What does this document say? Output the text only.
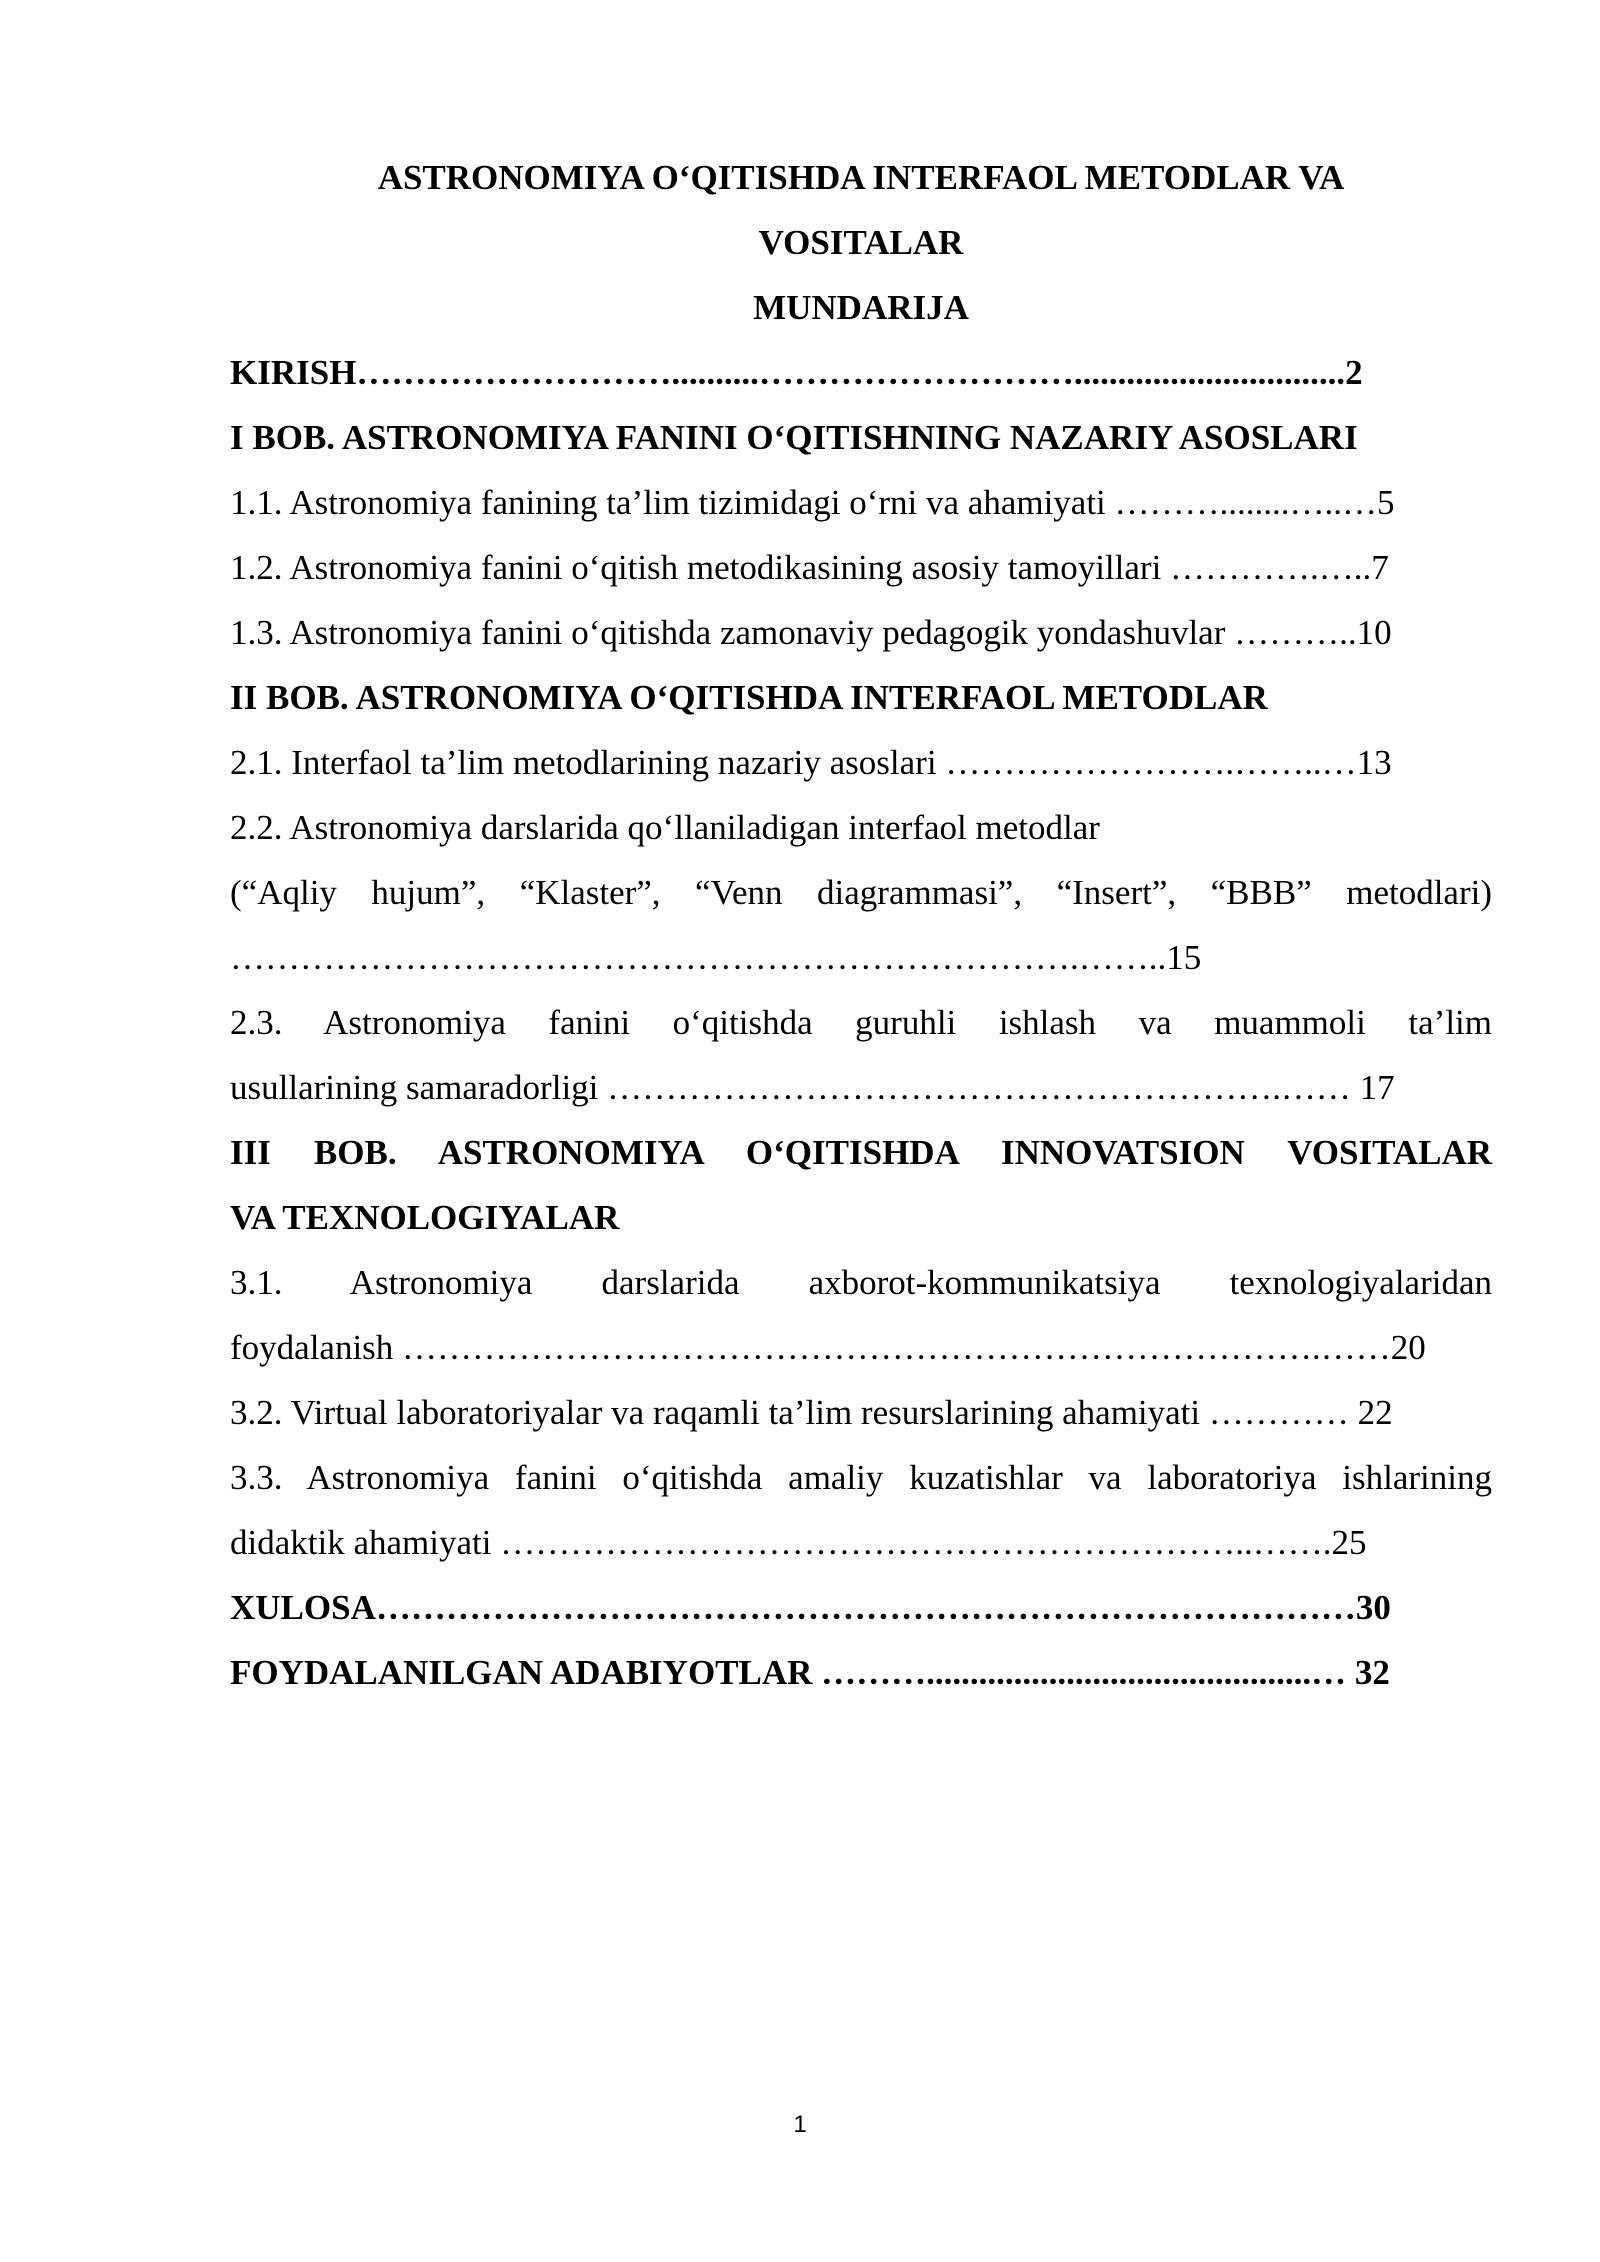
ASTRONOMIYA O‘QITISHDA INTERFAOL METODLAR VA
VOSITALAR
MUNDARIJA
KIRISH………………………..........………………………...............................2
I BOB. ASTRONOMIYA FANINI O‘QITISHNING NAZARIY ASOSLARI
1.1. Astronomiya fanining ta’lim tizimidagi o‘rni va ahamiyati ………........…..…5
1.2. Astronomiya fanini o‘qitish metodikasining asosiy tamoyillari ………….…..7
1.3. Astronomiya fanini o‘qitishda zamonaviy pedagogik yondashuvlar ………..10
II BOB. ASTRONOMIYA O‘QITISHDA INTERFAOL METODLAR
2.1. Interfaol ta’lim metodlarining nazariy asoslari …………………….……..…13
2.2. Astronomiya darslarida qo‘llaniladigan interfaol metodlar
(“Aqliy hujum”, “Klaster”, “Venn diagrammasi”, “Insert”, “BBB” metodlari)
……………………………………………………………….……..15
2.3. Astronomiya fanini o‘qitishda guruhli ishlash va muammoli ta’lim
usullarining samaradorligi ………………………………………………….…… 17
III BOB. ASTRONOMIYA O‘QITISHDA INNOVATSION VOSITALAR
VA TEXNOLOGIYALAR
3.1. Astronomiya darslarida axborot-kommunikatsiya texnologiyalaridan
foydalanish …………………………………………………………………….……20
3.2. Virtual laboratoriyalar va raqamli ta’lim resurslarining ahamiyati ………… 22
3.3. Astronomiya fanini o‘qitishda amaliy kuzatishlar va laboratoriya ishlarining
didaktik ahamiyati ………………………………………………………..…….25
XULOSA…………………………………………………………………………30
FOYDALANILGAN ADABIYOTLAR ………............................................… 32
1
